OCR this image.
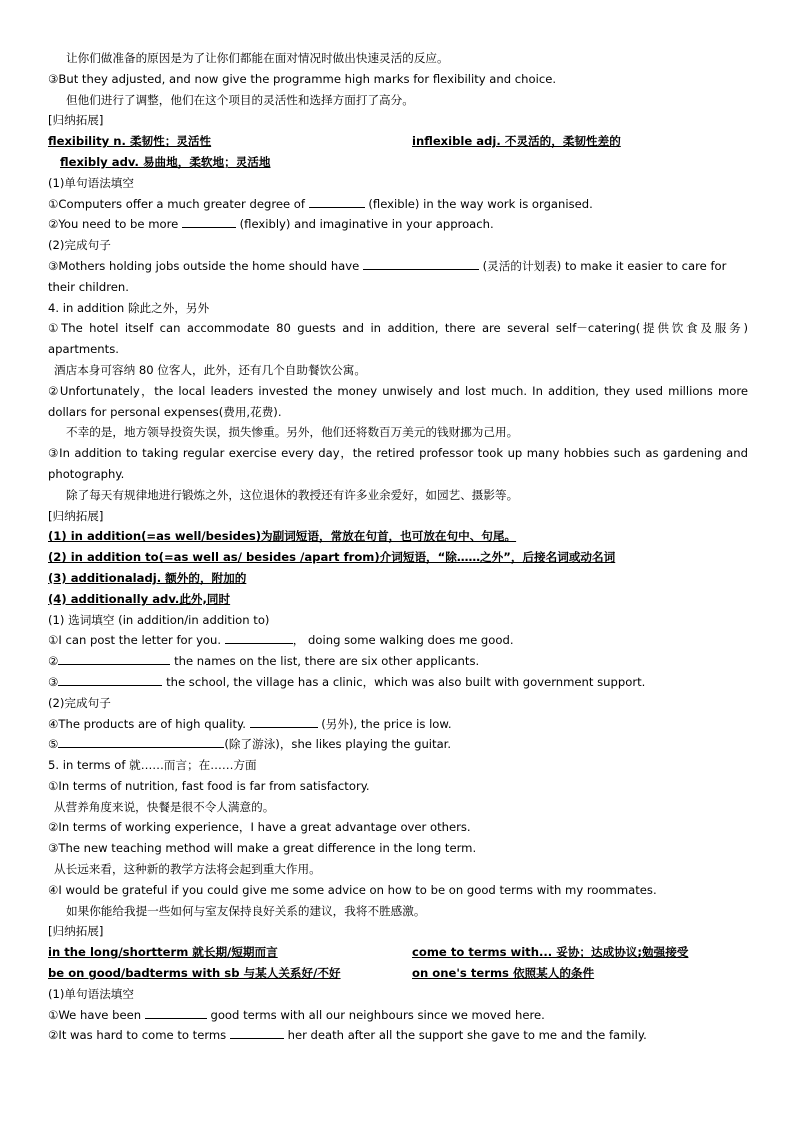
让你们做准备的原因是为了让你们都能在面对情况时做出快速灵活的反应。
③But they adjusted, and now give the programme high marks for flexibility and choice.
但他们进行了调整，他们在这个项目的灵活性和选择方面打了高分。
[归纳拓展]
flexibility n. 柔韧性；灵活性	inflexible adj. 不灵活的，柔韧性差的
flexibly adv. 易曲地，柔软地；灵活地
(1)单句语法填空
①Computers offer a much greater degree of	(flexible) in the way work is organised.
②You need to be more	(flexibly) and imaginative in your approach.
(2)完成句子
③Mothers holding jobs outside the home should have	(灵活的计划表) to make it easier to care for
their children.
4. in addition 除此之外，另外
①The hotel itself can accommodate 80 guests and in addition, there are several self－catering(提供饮食及服务)
apartments.
酒店本身可容纳 80 位客人，此外，还有几个自助餐饮公寓。
②Unfortunately，the local leaders invested the money unwisely and lost much. In addition, they used millions more
dollars for personal expenses(费用,花费).
不幸的是，地方领导投资失误，损失惨重。另外，他们还将数百万美元的钱财挪为己用。
③In addition to taking regular exercise every day，the retired professor took up many hobbies such as gardening and
photography.
除了每天有规律地进行锻炼之外，这位退休的教授还有许多业余爱好，如园艺、摄影等。
[归纳拓展]
(1) in addition(=as well/besides)为副词短语，常放在句首，也可放在句中、句尾。
(2) in addition to(=as well as/ besides /apart from)介词短语，“除……之外”，后接名词或动名词
(3) additionaladj. 额外的，附加的
(4) additionally adv.此外,同时
(1) 选词填空 (in addition/in addition to)
①I can post the letter for you.	， doing some walking does me good.
②	the names on the list, there are six other applicants.
③	the school, the village has a clinic，which was also built with government support.
(2)完成句子
④The products are of high quality.	(另外), the price is low.
⑤	(除了游泳)，she likes playing the guitar.
5. in terms of 就……而言；在……方面
①In terms of nutrition, fast food is far from satisfactory.
从营养角度来说，快餐是很不令人满意的。
②In terms of working experience，I have a great advantage over others.
③The new teaching method will make a great difference in the long term.
从长远来看，这种新的教学方法将会起到重大作用。
④I would be grateful if you could give me some advice on how to be on good terms with my roommates.
如果你能给我提一些如何与室友保持良好关系的建议，我将不胜感激。
[归纳拓展]
in the long/shortterm 就长期/短期而言	come to terms with... 妥协；达成协议;勉强接受
be on good/badterms with sb 与某人关系好/不好	on one's terms 依照某人的条件
(1)单句语法填空
①We have been	good terms with all our neighbours since we moved here.
②It was hard to come to terms	her death after all the support she gave to me and the family.
